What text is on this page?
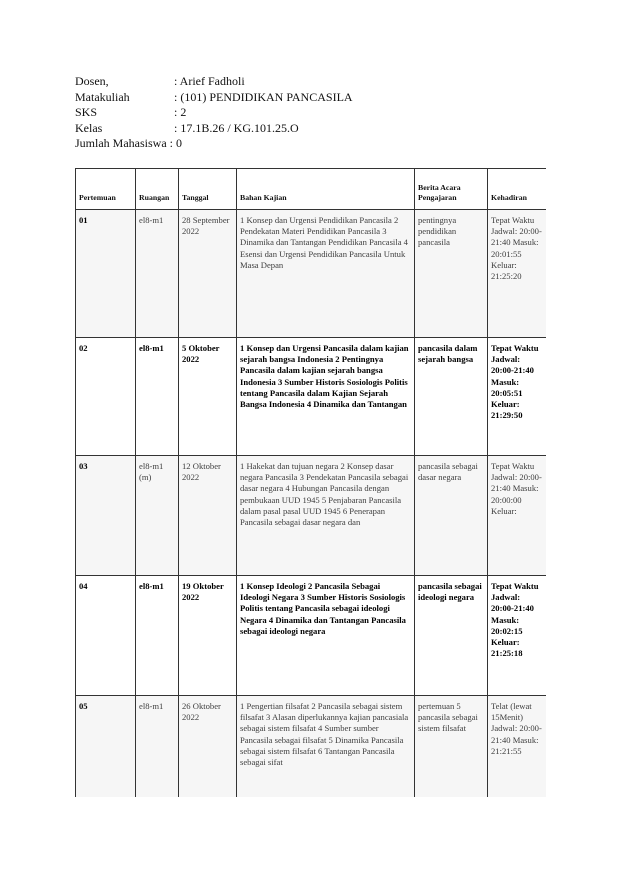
Dosen,	: Arief Fadholi
Matakuliah	: (101) PENDIDIKAN PANCASILA
SKS	: 2
Kelas	: 17.1B.26 / KG.101.25.O
Jumlah Mahasiswa : 0
Pertemuan	Ruangan	Tanggal	Bahan Kajian	Berita Acara Pengajaran	Kehadiran
01	el8-m1	28 September 2022	1 Konsep dan Urgensi Pendidikan Pancasila 2 Pendekatan Materi Pendidikan Pancasila 3 Dinamika dan Tantangan Pendidikan Pancasila 4 Esensi dan Urgensi Pendidikan Pancasila Untuk Masa Depan	pentingnya pendidikan pancasila	Tepat Waktu Jadwal: 20:00-21:40 Masuk: 20:01:55 Keluar: 21:25:20
02	el8-m1	5 Oktober 2022	1 Konsep dan Urgensi Pancasila dalam kajian sejarah bangsa Indonesia 2 Pentingnya Pancasila dalam kajian sejarah bangsa Indonesia 3 Sumber Historis Sosiologis Politis tentang Pancasila dalam Kajian Sejarah Bangsa Indonesia 4 Dinamika dan Tantangan	pancasila dalam sejarah bangsa	Tepat Waktu Jadwal: 20:00-21:40 Masuk: 20:05:51 Keluar: 21:29:50
03	el8-m1 (m)	12 Oktober 2022	1 Hakekat dan tujuan negara 2 Konsep dasar negara Pancasila 3 Pendekatan Pancasila sebagai dasar negara 4 Hubungan Pancasila dengan pembukaan UUD 1945 5 Penjabaran Pancasila dalam pasal pasal UUD 1945 6 Penerapan Pancasila sebagai dasar negara dan	pancasila sebagai dasar negara	Tepat Waktu Jadwal: 20:00-21:40 Masuk: 20:00:00 Keluar:
04	el8-m1	19 Oktober 2022	1 Konsep Ideologi 2 Pancasila Sebagai Ideologi Negara 3 Sumber Historis Sosiologis Politis tentang Pancasila sebagai ideologi Negara 4 Dinamika dan Tantangan Pancasila sebagai ideologi negara	pancasila sebagai ideologi negara	Tepat Waktu Jadwal: 20:00-21:40 Masuk: 20:02:15 Keluar: 21:25:18
05	el8-m1	26 Oktober 2022	1 Pengertian filsafat 2 Pancasila sebagai sistem filsafat 3 Alasan diperlukannya kajian pancasiala sebagai sistem filsafat 4 Sumber sumber Pancasila sebagai filsafat 5 Dinamika Pancasila sebagai sistem filsafat 6 Tantangan Pancasila sebagai sifat	pertemuan 5 pancasila sebagai sistem filsafat	Telat (lewat 15Menit) Jadwal: 20:00-21:40 Masuk: 21:21:55
